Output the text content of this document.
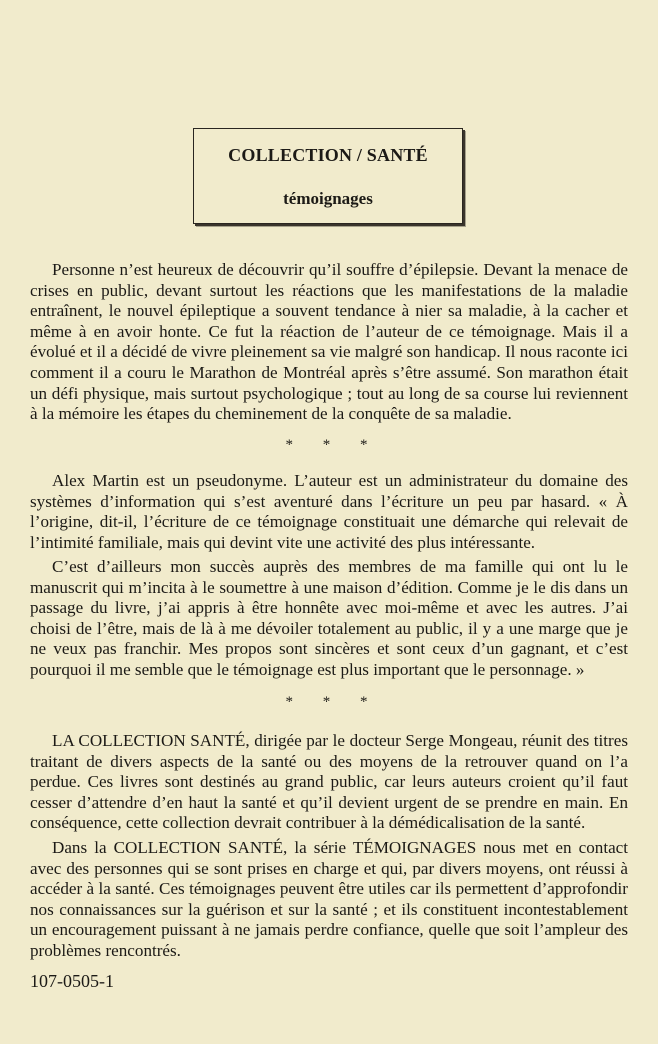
COLLECTION / SANTÉ
témoignages

Personne n’est heureux de découvrir qu’il souffre d’épilepsie. Devant la menace de crises en public, devant surtout les réactions que les manifestations de la maladie entraînent, le nouvel épileptique a souvent tendance à nier sa maladie, à la cacher et même à en avoir honte. Ce fut la réaction de l’auteur de ce témoignage. Mais il a évolué et il a décidé de vivre pleinement sa vie malgré son handicap. Il nous raconte ici comment il a couru le Marathon de Montréal après s’être assumé. Son marathon était un défi physique, mais surtout psychologique ; tout au long de sa course lui reviennent à la mémoire les étapes du cheminement de la conquête de sa maladie.

* * *

Alex Martin est un pseudonyme. L’auteur est un administrateur du domaine des systèmes d’information qui s’est aventuré dans l’écriture un peu par hasard. « À l’origine, dit-il, l’écriture de ce témoignage constituait une démarche qui relevait de l’intimité familiale, mais qui devint vite une activité des plus intéressante.

C’est d’ailleurs mon succès auprès des membres de ma famille qui ont lu le manuscrit qui m’incita à le soumettre à une maison d’édition. Comme je le dis dans un passage du livre, j’ai appris à être honnête avec moi-même et avec les autres. J’ai choisi de l’être, mais de là à me dévoiler totalement au public, il y a une marge que je ne veux pas franchir. Mes propos sont sincères et sont ceux d’un gagnant, et c’est pourquoi il me semble que le témoignage est plus important que le personnage. »

* * *

LA COLLECTION SANTÉ, dirigée par le docteur Serge Mongeau, réunit des titres traitant de divers aspects de la santé ou des moyens de la retrouver quand on l’a perdue. Ces livres sont destinés au grand public, car leurs auteurs croient qu’il faut cesser d’attendre d’en haut la santé et qu’il devient urgent de se prendre en main. En conséquence, cette collection devrait contribuer à la démédicalisation de la santé.

Dans la COLLECTION SANTÉ, la série TÉMOIGNAGES nous met en contact avec des personnes qui se sont prises en charge et qui, par divers moyens, ont réussi à accéder à la santé. Ces témoignages peuvent être utiles car ils permettent d’approfondir nos connaissances sur la guérison et sur la santé ; et ils constituent incontestablement un encouragement puissant à ne jamais perdre confiance, quelle que soit l’ampleur des problèmes rencontrés.

107-0505-1
